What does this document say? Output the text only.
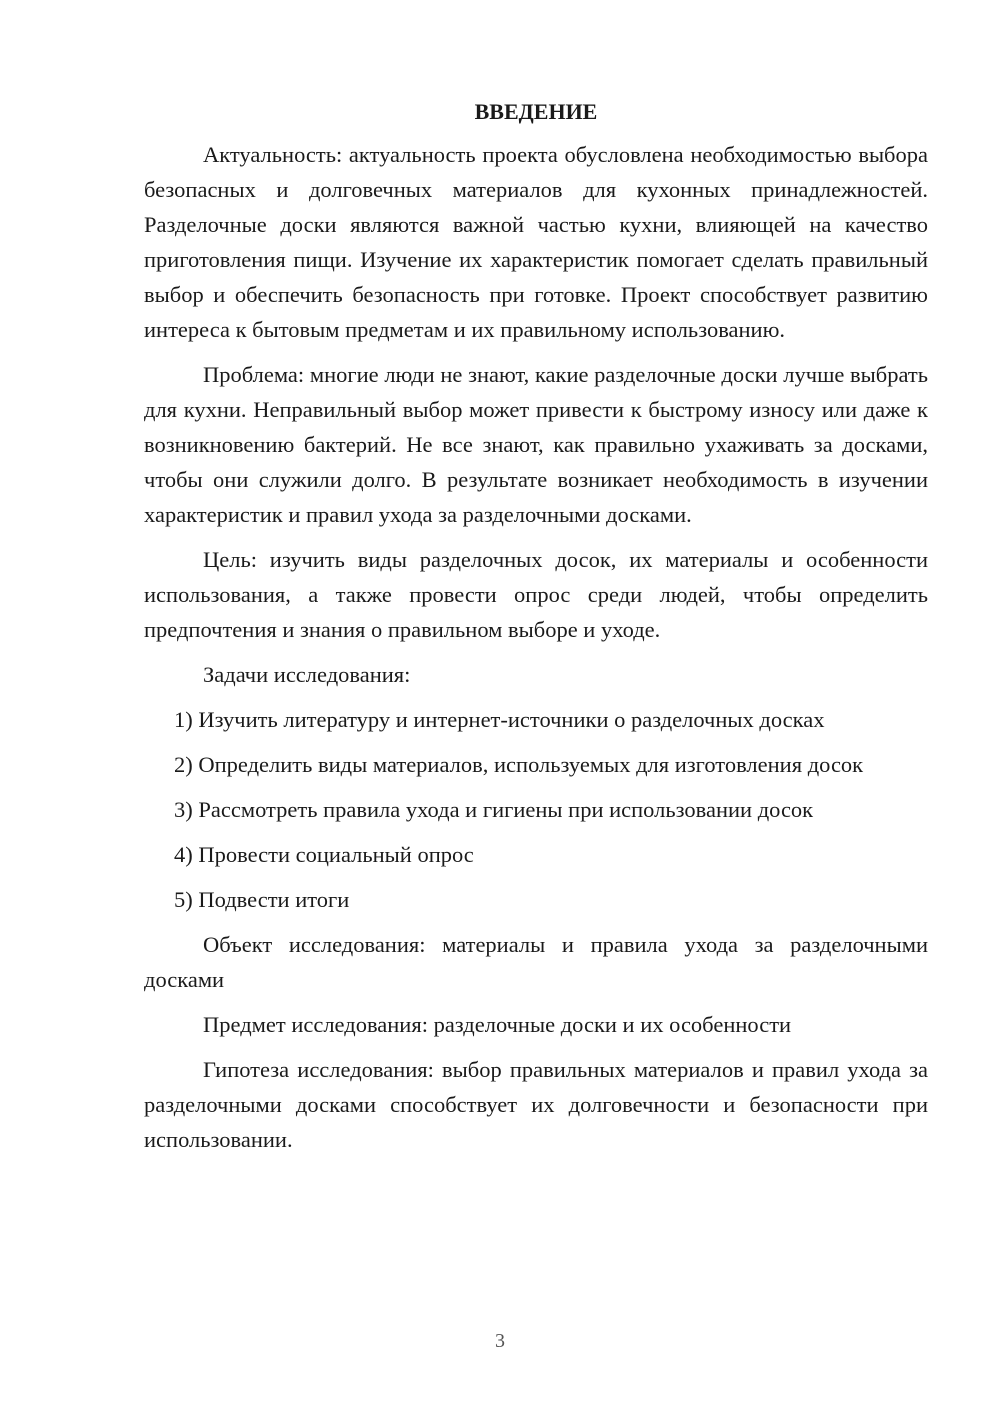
ВВЕДЕНИЕ

Актуальность: актуальность проекта обусловлена необходимостью выбора безопасных и долговечных материалов для кухонных принадлежностей. Разделочные доски являются важной частью кухни, влияющей на качество приготовления пищи. Изучение их характеристик помогает сделать правильный выбор и обеспечить безопасность при готовке. Проект способствует развитию интереса к бытовым предметам и их правильному использованию.

Проблема: многие люди не знают, какие разделочные доски лучше выбрать для кухни. Неправильный выбор может привести к быстрому износу или даже к возникновению бактерий. Не все знают, как правильно ухаживать за досками, чтобы они служили долго. В результате возникает необходимость в изучении характеристик и правил ухода за разделочными досками.

Цель: изучить виды разделочных досок, их материалы и особенности использования, а также провести опрос среди людей, чтобы определить предпочтения и знания о правильном выборе и уходе.

Задачи исследования:

1) Изучить литературу и интернет-источники о разделочных досках

2) Определить виды материалов, используемых для изготовления досок

3) Рассмотреть правила ухода и гигиены при использовании досок

4) Провести социальный опрос

5) Подвести итоги

Объект исследования: материалы и правила ухода за разделочными досками

Предмет исследования: разделочные доски и их особенности

Гипотеза исследования: выбор правильных материалов и правил ухода за разделочными досками способствует их долговечности и безопасности при использовании.

3
